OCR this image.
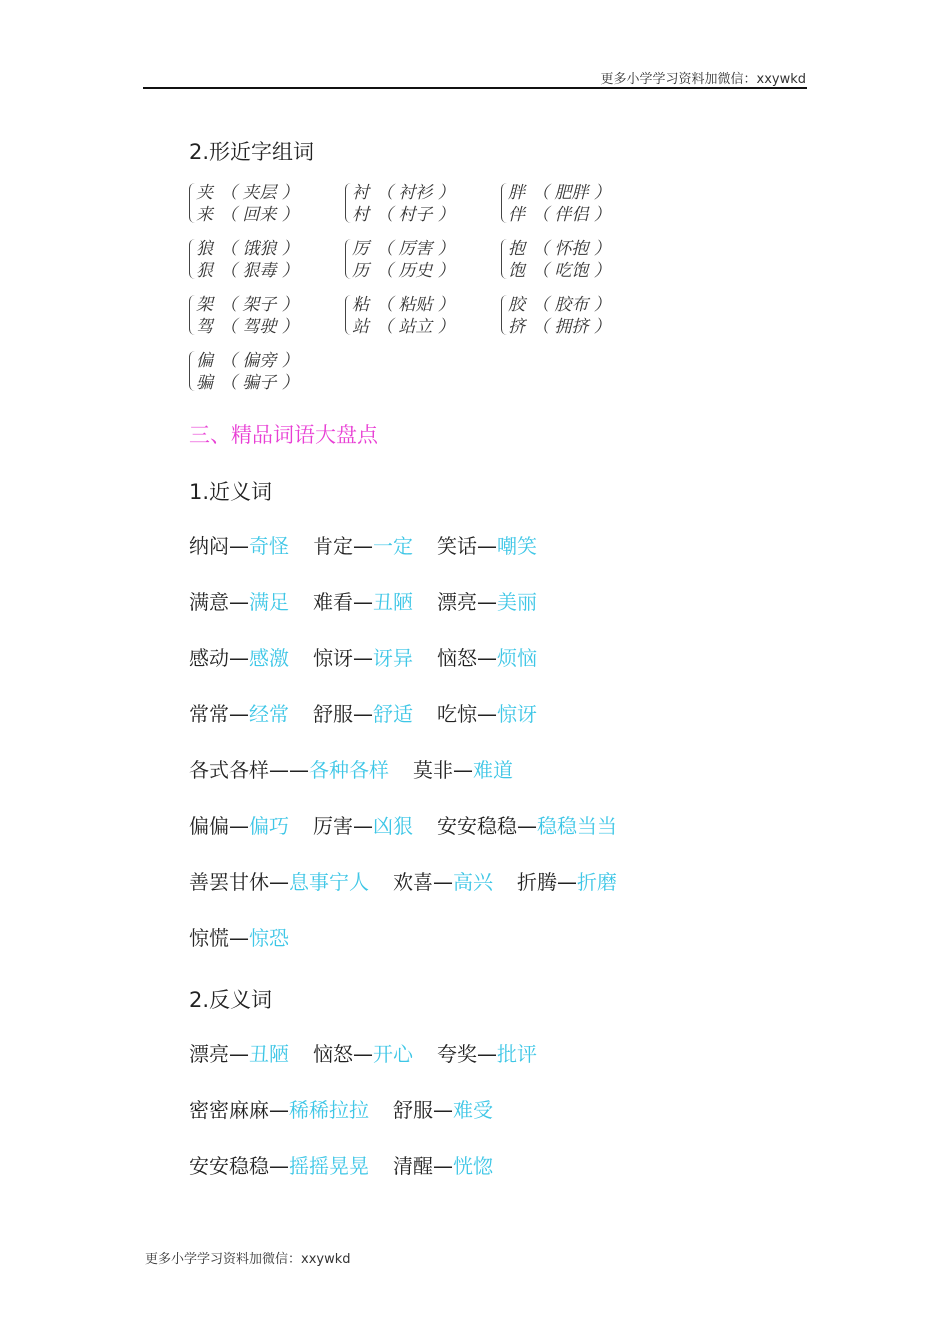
更多小学学习资料加微信：xxywkd
2.形近字组词
夹 （ 夹层 ）
来 （ 回来 ）
衬 （ 衬衫 ）
村 （ 村子 ）
胖 （ 肥胖 ）
伴 （ 伴侣 ）
狼 （ 饿狼 ）
狠 （ 狠毒 ）
厉 （ 厉害 ）
历 （ 历史 ）
抱 （ 怀抱 ）
饱 （ 吃饱 ）
架 （ 架子 ）
驾 （ 驾驶 ）
粘 （ 粘贴 ）
站 （ 站立 ）
胶 （ 胶布 ）
挤 （ 拥挤 ）
偏 （ 偏旁 ）
骗 （ 骗子 ）
三、精品词语大盘点
1.近义词
纳闷—奇怪 肯定—一定 笑话—嘲笑
满意—满足 难看—丑陋 漂亮—美丽
感动—感激 惊讶—讶异 恼怒—烦恼
常常—经常 舒服—舒适 吃惊—惊讶
各式各样——各种各样 莫非—难道
偏偏—偏巧 厉害—凶狠 安安稳稳—稳稳当当
善罢甘休—息事宁人 欢喜—高兴 折腾—折磨
惊慌—惊恐
2.反义词
漂亮—丑陋 恼怒—开心 夸奖—批评
密密麻麻—稀稀拉拉 舒服—难受
安安稳稳—摇摇晃晃 清醒—恍惚
更多小学学习资料加微信：xxywkd
